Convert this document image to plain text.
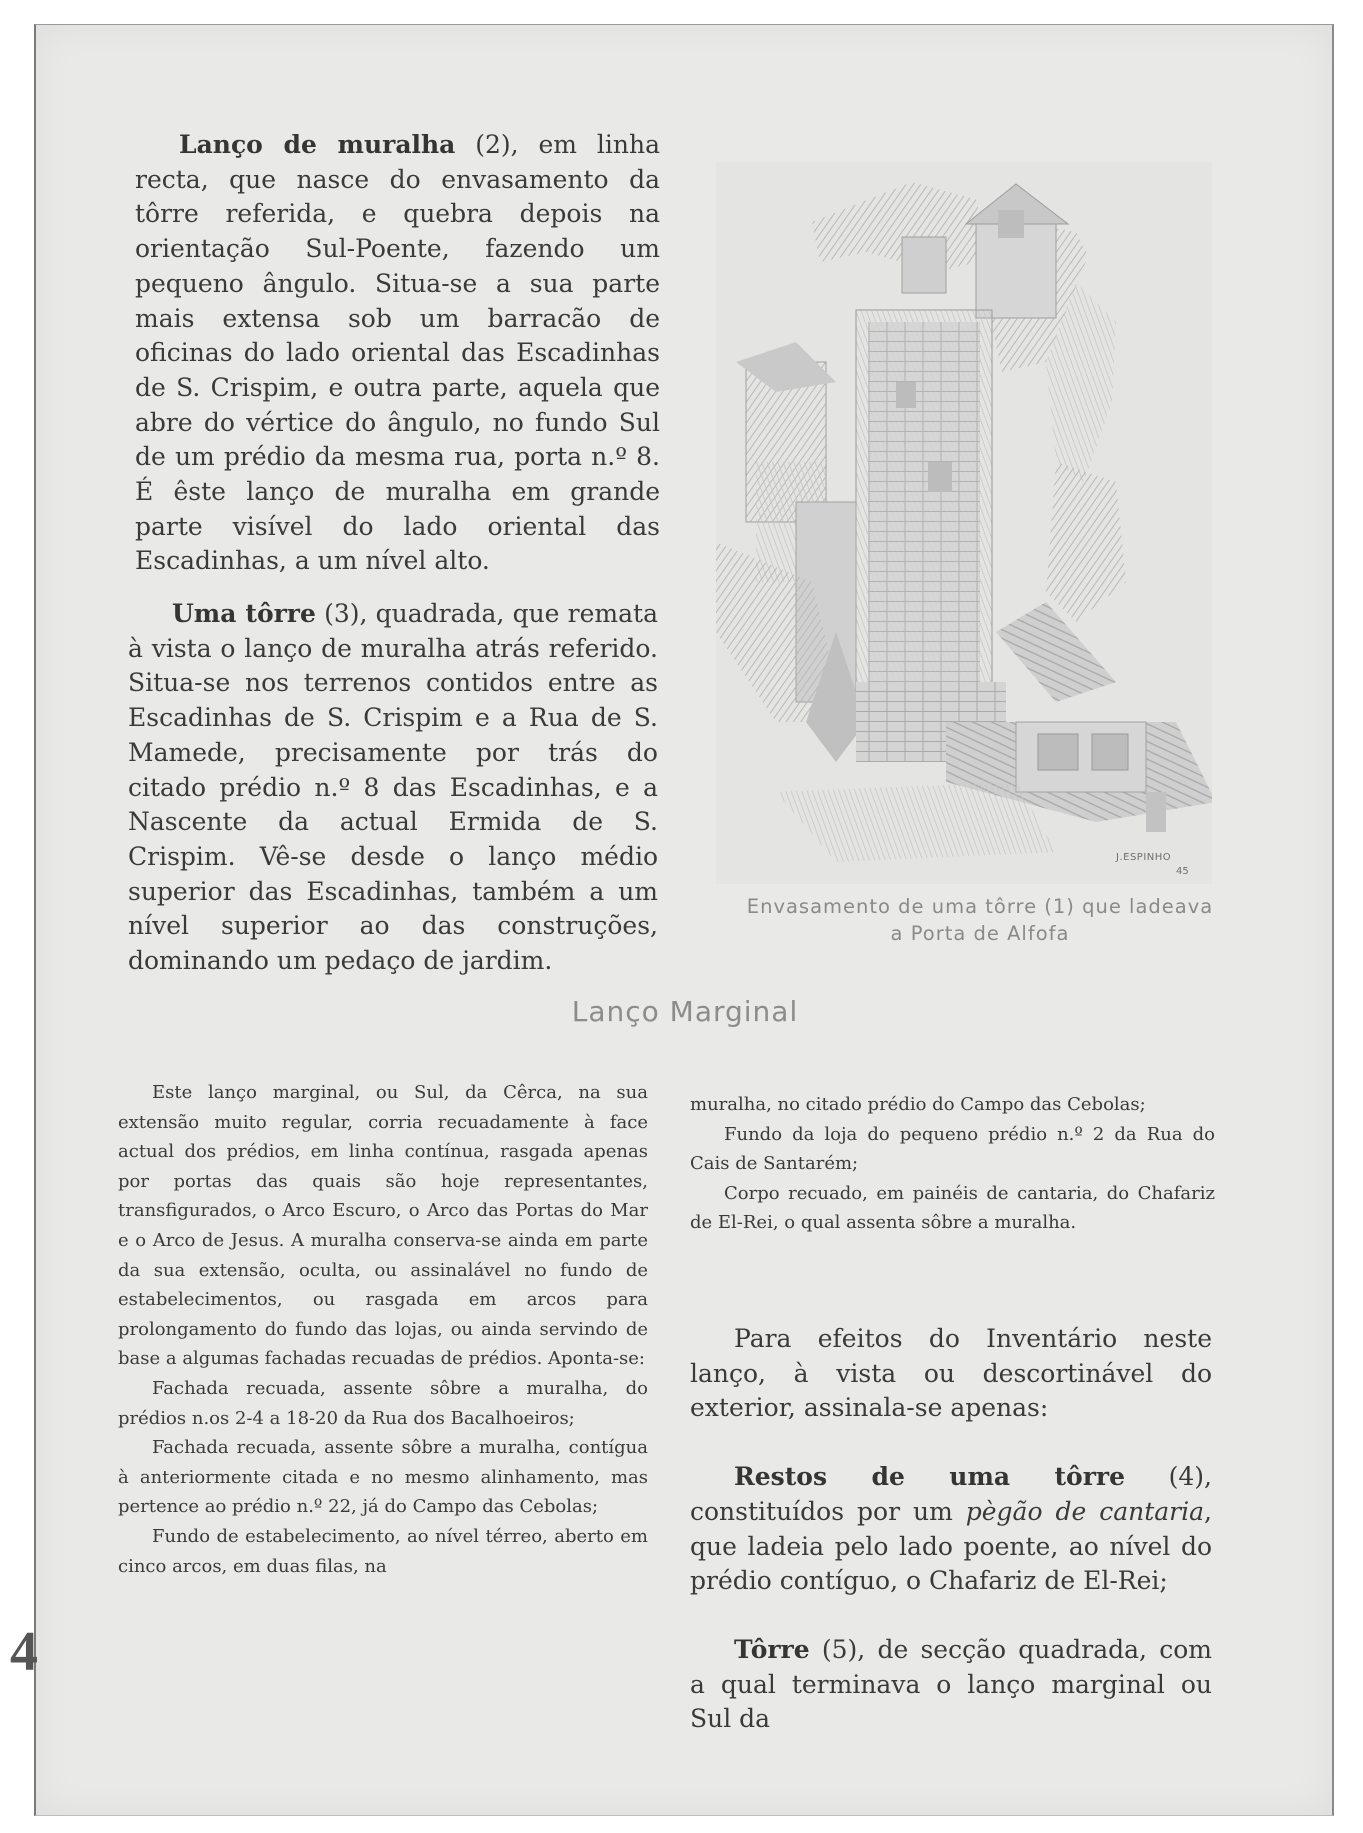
4

Lanço de muralha (2), em linha recta, que nasce do envasamento da tôrre referida, e quebra depois na orientação Sul-Poente, fazendo um pequeno ângulo. Situa-se a sua parte mais extensa sob um barracão de oficinas do lado oriental das Escadinhas de S. Crispim, e outra parte, aquela que abre do vértice do ângulo, no fundo Sul de um prédio da mesma rua, porta n.º 8. É êste lanço de muralha em grande parte visível do lado oriental das Escadinhas, a um nível alto.

Uma tôrre (3), quadrada, que remata à vista o lanço de muralha atrás referido. Situa-se nos terrenos contidos entre as Escadinhas de S. Crispim e a Rua de S. Mamede, precisamente por trás do citado prédio n.º 8 das Escadinhas, e a Nascente da actual Ermida de S. Crispim. Vê-se desde o lanço médio superior das Escadinhas, também a um nível superior ao das construções, dominando um pedaço de jardim.

J.ESPINHO
45
Envasamento de uma tôrre (1) que ladeava
a Porta de Alfofa
Lanço Marginal

Este lanço marginal, ou Sul, da Cêrca, na sua extensão muito regular, corria recuadamente à face actual dos prédios, em linha contínua, rasgada apenas por portas das quais são hoje representantes, transfigurados, o Arco Escuro, o Arco das Portas do Mar e o Arco de Jesus. A muralha conserva-se ainda em parte da sua extensão, oculta, ou assinalável no fundo de estabelecimentos, ou rasgada em arcos para prolongamento do fundo das lojas, ou ainda servindo de base a algumas fachadas recuadas de prédios. Aponta-se:

Fachada recuada, assente sôbre a muralha, do prédios n.os 2-4 a 18-20 da Rua dos Bacalhoeiros;

Fachada recuada, assente sôbre a muralha, contígua à anteriormente citada e no mesmo alinhamento, mas pertence ao prédio n.º 22, já do Campo das Cebolas;

Fundo de estabelecimento, ao nível térreo, aberto em cinco arcos, em duas filas, na

muralha, no citado prédio do Campo das Cebolas;

Fundo da loja do pequeno prédio n.º 2 da Rua do Cais de Santarém;

Corpo recuado, em painéis de cantaria, do Chafariz de El-Rei, o qual assenta sôbre a muralha.

Para efeitos do Inventário neste lanço, à vista ou descortinável do exterior, assinala-se apenas:

Restos de uma tôrre (4), constituídos por um pègão de cantaria, que ladeia pelo lado poente, ao nível do prédio contíguo, o Chafariz de El-Rei;

Tôrre (5), de secção quadrada, com a qual terminava o lanço marginal ou Sul da
